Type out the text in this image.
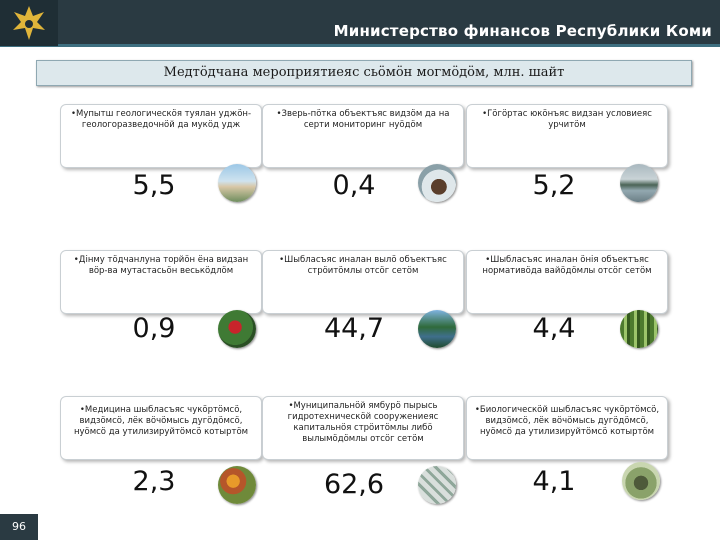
Министерство финансов Республики Коми
Медтӧдчана мероприятиеяс сьӧмӧн могмӧдӧм, млн. шайт
96
•Мупытш геологическӧя туялан уджӧн-геологоразведочнӧй да мукӧд удж
5,5
•Зверь-пӧтка объектъяс видзӧм да на серти мониторинг нуӧдӧм
0,4
•Гӧгӧртас юкӧнъяс видзан условиеяс урчитӧм
5,2
•Дiнму тӧдчанлуна торйӧн ёна видзан вӧр-ва мутастасьӧн веськӧдлӧм
0,9
•Шыбласъяс иналан вылӧ объектъяс стрӧитӧмлы отсӧг сетӧм
44,7
•Шыбласъяс иналан öнiя объектъяс нормативӧда вайӧдӧмлы отсӧг сетӧм
4,4
•Медицина шыбласъяс чукӧртӧмсӧ, видзӧмсӧ, лёк вӧчӧмысь дугӧдӧмсӧ, нуӧмсӧ да утилизируйтӧмсӧ котыртӧм
2,3
•Муниципальнӧй ямбурӧ пырысь гидротехническӧй сооружениеяс капитальнӧя стрӧитӧмлы либӧ вылымӧдӧмлы отсӧг сетӧм
62,6
•Биологическӧй шыбласъяс чукӧртӧмсӧ, видзӧмсӧ, лёк вӧчӧмысь дугӧдӧмсӧ, нуӧмсӧ да утилизируйтӧмсӧ котыртӧм
4,1
